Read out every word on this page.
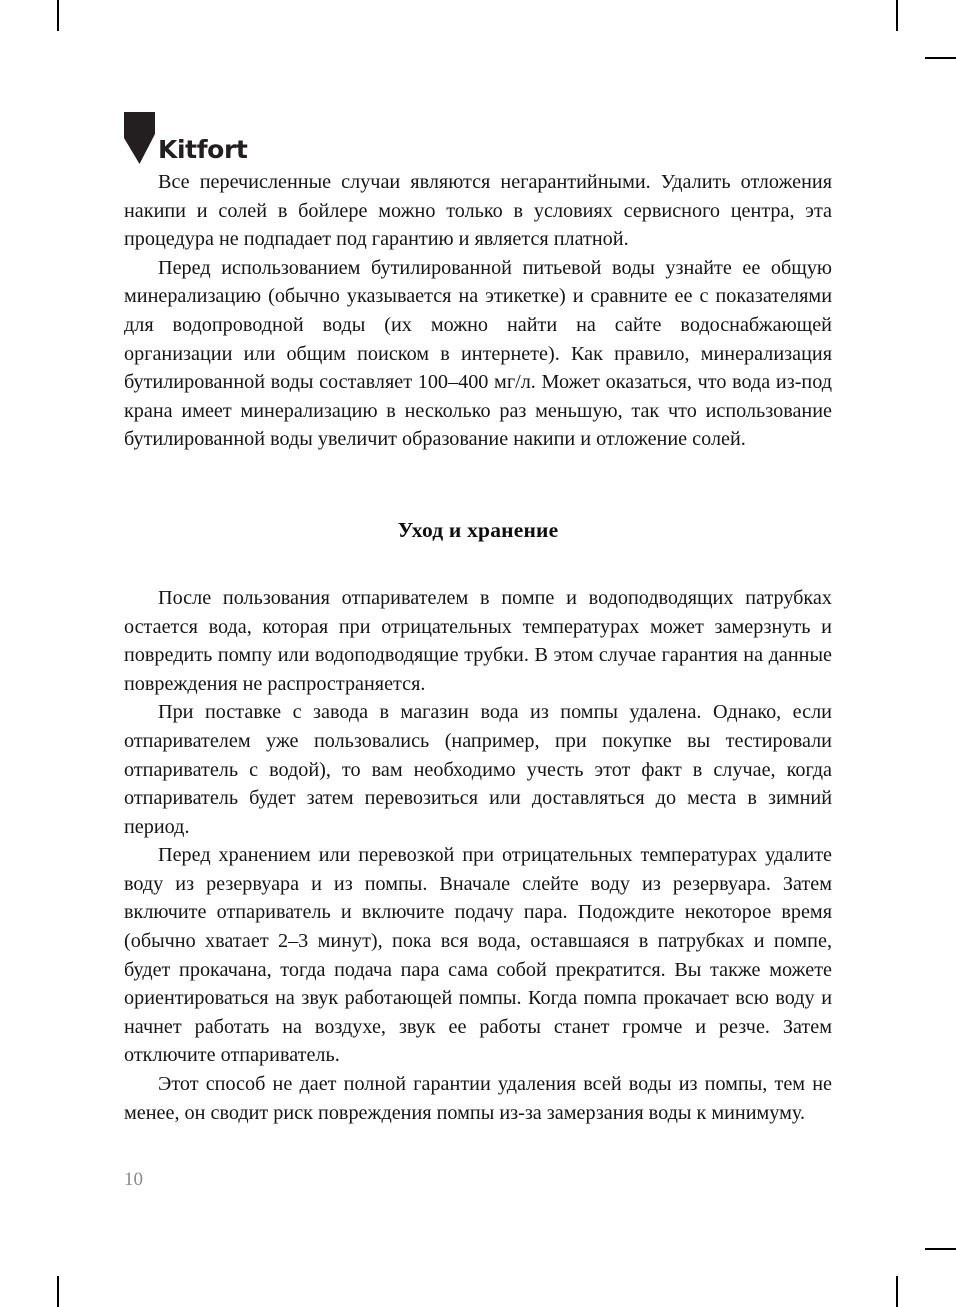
Kitfort

Все перечисленные случаи являются негарантийными. Удалить отложения накипи и солей в бойлере можно только в условиях сервисного центра, эта процедура не подпадает под гарантию и является платной.

Перед использованием бутилированной питьевой воды узнайте ее общую минерализацию (обычно указывается на этикетке) и сравните ее с показателями для водопроводной воды (их можно найти на сайте водоснабжающей организации или общим поиском в интернете). Как правило, минерализация бутилированной воды составляет 100–400 мг/л. Может оказаться, что вода из-под крана имеет минерализацию в несколько раз меньшую, так что использование бутилированной воды увеличит образование накипи и отложение солей.

Уход и хранение

После пользования отпаривателем в помпе и водоподводящих патрубках остается вода, которая при отрицательных температурах может замерзнуть и повредить помпу или водоподводящие трубки. В этом случае гарантия на данные повреждения не распространяется.

При поставке с завода в магазин вода из помпы удалена. Однако, если отпаривателем уже пользовались (например, при покупке вы тестировали отпариватель с водой), то вам необходимо учесть этот факт в случае, когда отпариватель будет затем перевозиться или доставляться до места в зимний период.

Перед хранением или перевозкой при отрицательных температурах удалите воду из резервуара и из помпы. Вначале слейте воду из резервуара. Затем включите отпариватель и включите подачу пара. Подождите некоторое время (обычно хватает 2–3 минут), пока вся вода, оставшаяся в патрубках и помпе, будет прокачана, тогда подача пара сама собой прекратится. Вы также можете ориентироваться на звук работающей помпы. Когда помпа прокачает всю воду и начнет работать на воздухе, звук ее работы станет громче и резче. Затем отключите отпариватель.

Этот способ не дает полной гарантии удаления всей воды из помпы, тем не менее, он сводит риск повреждения помпы из-за замерзания воды к минимуму.

10
